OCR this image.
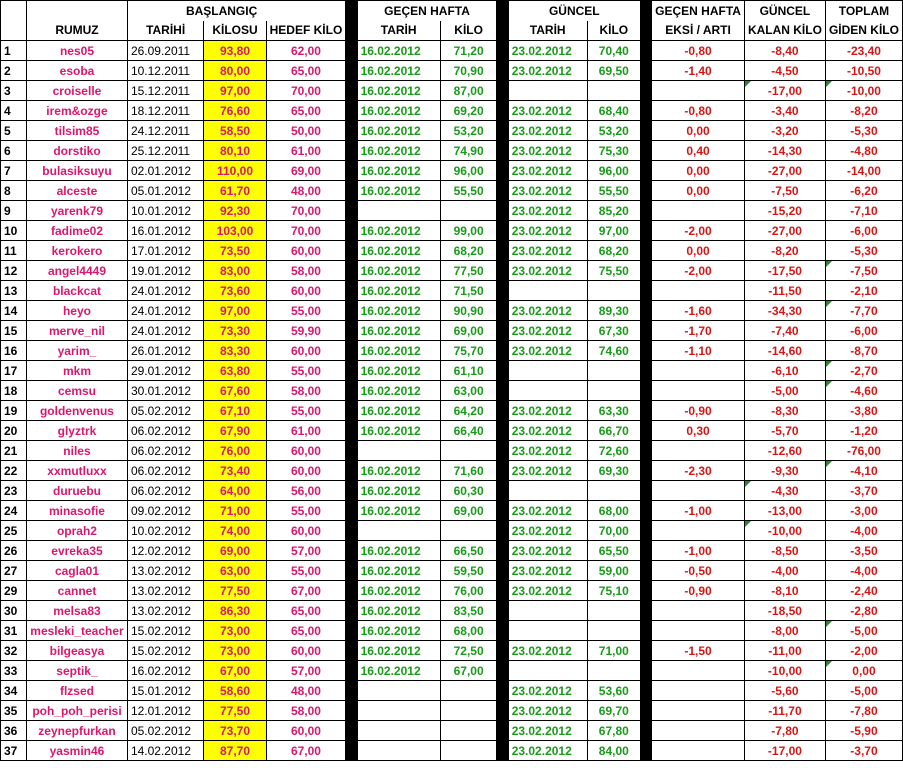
		BAŞLANGIÇ				GEÇEN HAFTA			GÜNCEL			GEÇEN HAFTA	GÜNCEL	TOPLAM
	RUMUZ	TARİHİ	KİLOSU	HEDEF KİLO		TARİH	KİLO		TARİH	KİLO		EKSİ / ARTI	KALAN KİLO	GİDEN KİLO
1	nes05	26.09.2011	93,80	62,00		16.02.2012	71,20		23.02.2012	70,40		-0,80	-8,40	-23,40
2	esoba	10.12.2011	80,00	65,00		16.02.2012	70,90		23.02.2012	69,50		-1,40	-4,50	-10,50
3	croiselle	15.12.2011	97,00	70,00		16.02.2012	87,00						-17,00	-10,00
4	irem&ozge	18.12.2011	76,60	65,00		16.02.2012	69,20		23.02.2012	68,40		-0,80	-3,40	-8,20
5	tilsim85	24.12.2011	58,50	50,00		16.02.2012	53,20		23.02.2012	53,20		0,00	-3,20	-5,30
6	dorstiko	25.12.2011	80,10	61,00		16.02.2012	74,90		23.02.2012	75,30		0,40	-14,30	-4,80
7	bulasiksuyu	02.01.2012	110,00	69,00		16.02.2012	96,00		23.02.2012	96,00		0,00	-27,00	-14,00
8	alceste	05.01.2012	61,70	48,00		16.02.2012	55,50		23.02.2012	55,50		0,00	-7,50	-6,20
9	yarenk79	10.01.2012	92,30	70,00					23.02.2012	85,20			-15,20	-7,10
10	fadime02	16.01.2012	103,00	70,00		16.02.2012	99,00		23.02.2012	97,00		-2,00	-27,00	-6,00
11	kerokero	17.01.2012	73,50	60,00		16.02.2012	68,20		23.02.2012	68,20		0,00	-8,20	-5,30
12	angel4449	19.01.2012	83,00	58,00		16.02.2012	77,50		23.02.2012	75,50		-2,00	-17,50	-7,50
13	blackcat	24.01.2012	73,60	60,00		16.02.2012	71,50						-11,50	-2,10
14	heyo	24.01.2012	97,00	55,00		16.02.2012	90,90		23.02.2012	89,30		-1,60	-34,30	-7,70
15	merve_nil	24.01.2012	73,30	59,90		16.02.2012	69,00		23.02.2012	67,30		-1,70	-7,40	-6,00
16	yarim_	26.01.2012	83,30	60,00		16.02.2012	75,70		23.02.2012	74,60		-1,10	-14,60	-8,70
17	mkm	29.01.2012	63,80	55,00		16.02.2012	61,10						-6,10	-2,70
18	cemsu	30.01.2012	67,60	58,00		16.02.2012	63,00						-5,00	-4,60
19	goldenvenus	05.02.2012	67,10	55,00		16.02.2012	64,20		23.02.2012	63,30		-0,90	-8,30	-3,80
20	glyztrk	06.02.2012	67,90	61,00		16.02.2012	66,40		23.02.2012	66,70		0,30	-5,70	-1,20
21	niles	06.02.2012	76,00	60,00					23.02.2012	72,60			-12,60	-76,00
22	xxmutluxx	06.02.2012	73,40	60,00		16.02.2012	71,60		23.02.2012	69,30		-2,30	-9,30	-4,10
23	duruebu	06.02.2012	64,00	56,00		16.02.2012	60,30						-4,30	-3,70
24	minasofie	09.02.2012	71,00	55,00		16.02.2012	69,00		23.02.2012	68,00		-1,00	-13,00	-3,00
25	oprah2	10.02.2012	74,00	60,00					23.02.2012	70,00			-10,00	-4,00
26	evreka35	12.02.2012	69,00	57,00		16.02.2012	66,50		23.02.2012	65,50		-1,00	-8,50	-3,50
27	cagla01	13.02.2012	63,00	55,00		16.02.2012	59,50		23.02.2012	59,00		-0,50	-4,00	-4,00
29	cannet	13.02.2012	77,50	67,00		16.02.2012	76,00		23.02.2012	75,10		-0,90	-8,10	-2,40
30	melsa83	13.02.2012	86,30	65,00		16.02.2012	83,50						-18,50	-2,80
31	mesleki_teacher	15.02.2012	73,00	65,00		16.02.2012	68,00						-8,00	-5,00
32	bilgeasya	15.02.2012	73,00	60,00		16.02.2012	72,50		23.02.2012	71,00		-1,50	-11,00	-2,00
33	septik_	16.02.2012	67,00	57,00		16.02.2012	67,00						-10,00	0,00
34	flzsed	15.01.2012	58,60	48,00					23.02.2012	53,60			-5,60	-5,00
35	poh_poh_perisi	12.01.2012	77,50	58,00					23.02.2012	69,70			-11,70	-7,80
36	zeynepfurkan	05.02.2012	73,70	60,00					23.02.2012	67,80			-7,80	-5,90
37	yasmin46	14.02.2012	87,70	67,00					23.02.2012	84,00			-17,00	-3,70
